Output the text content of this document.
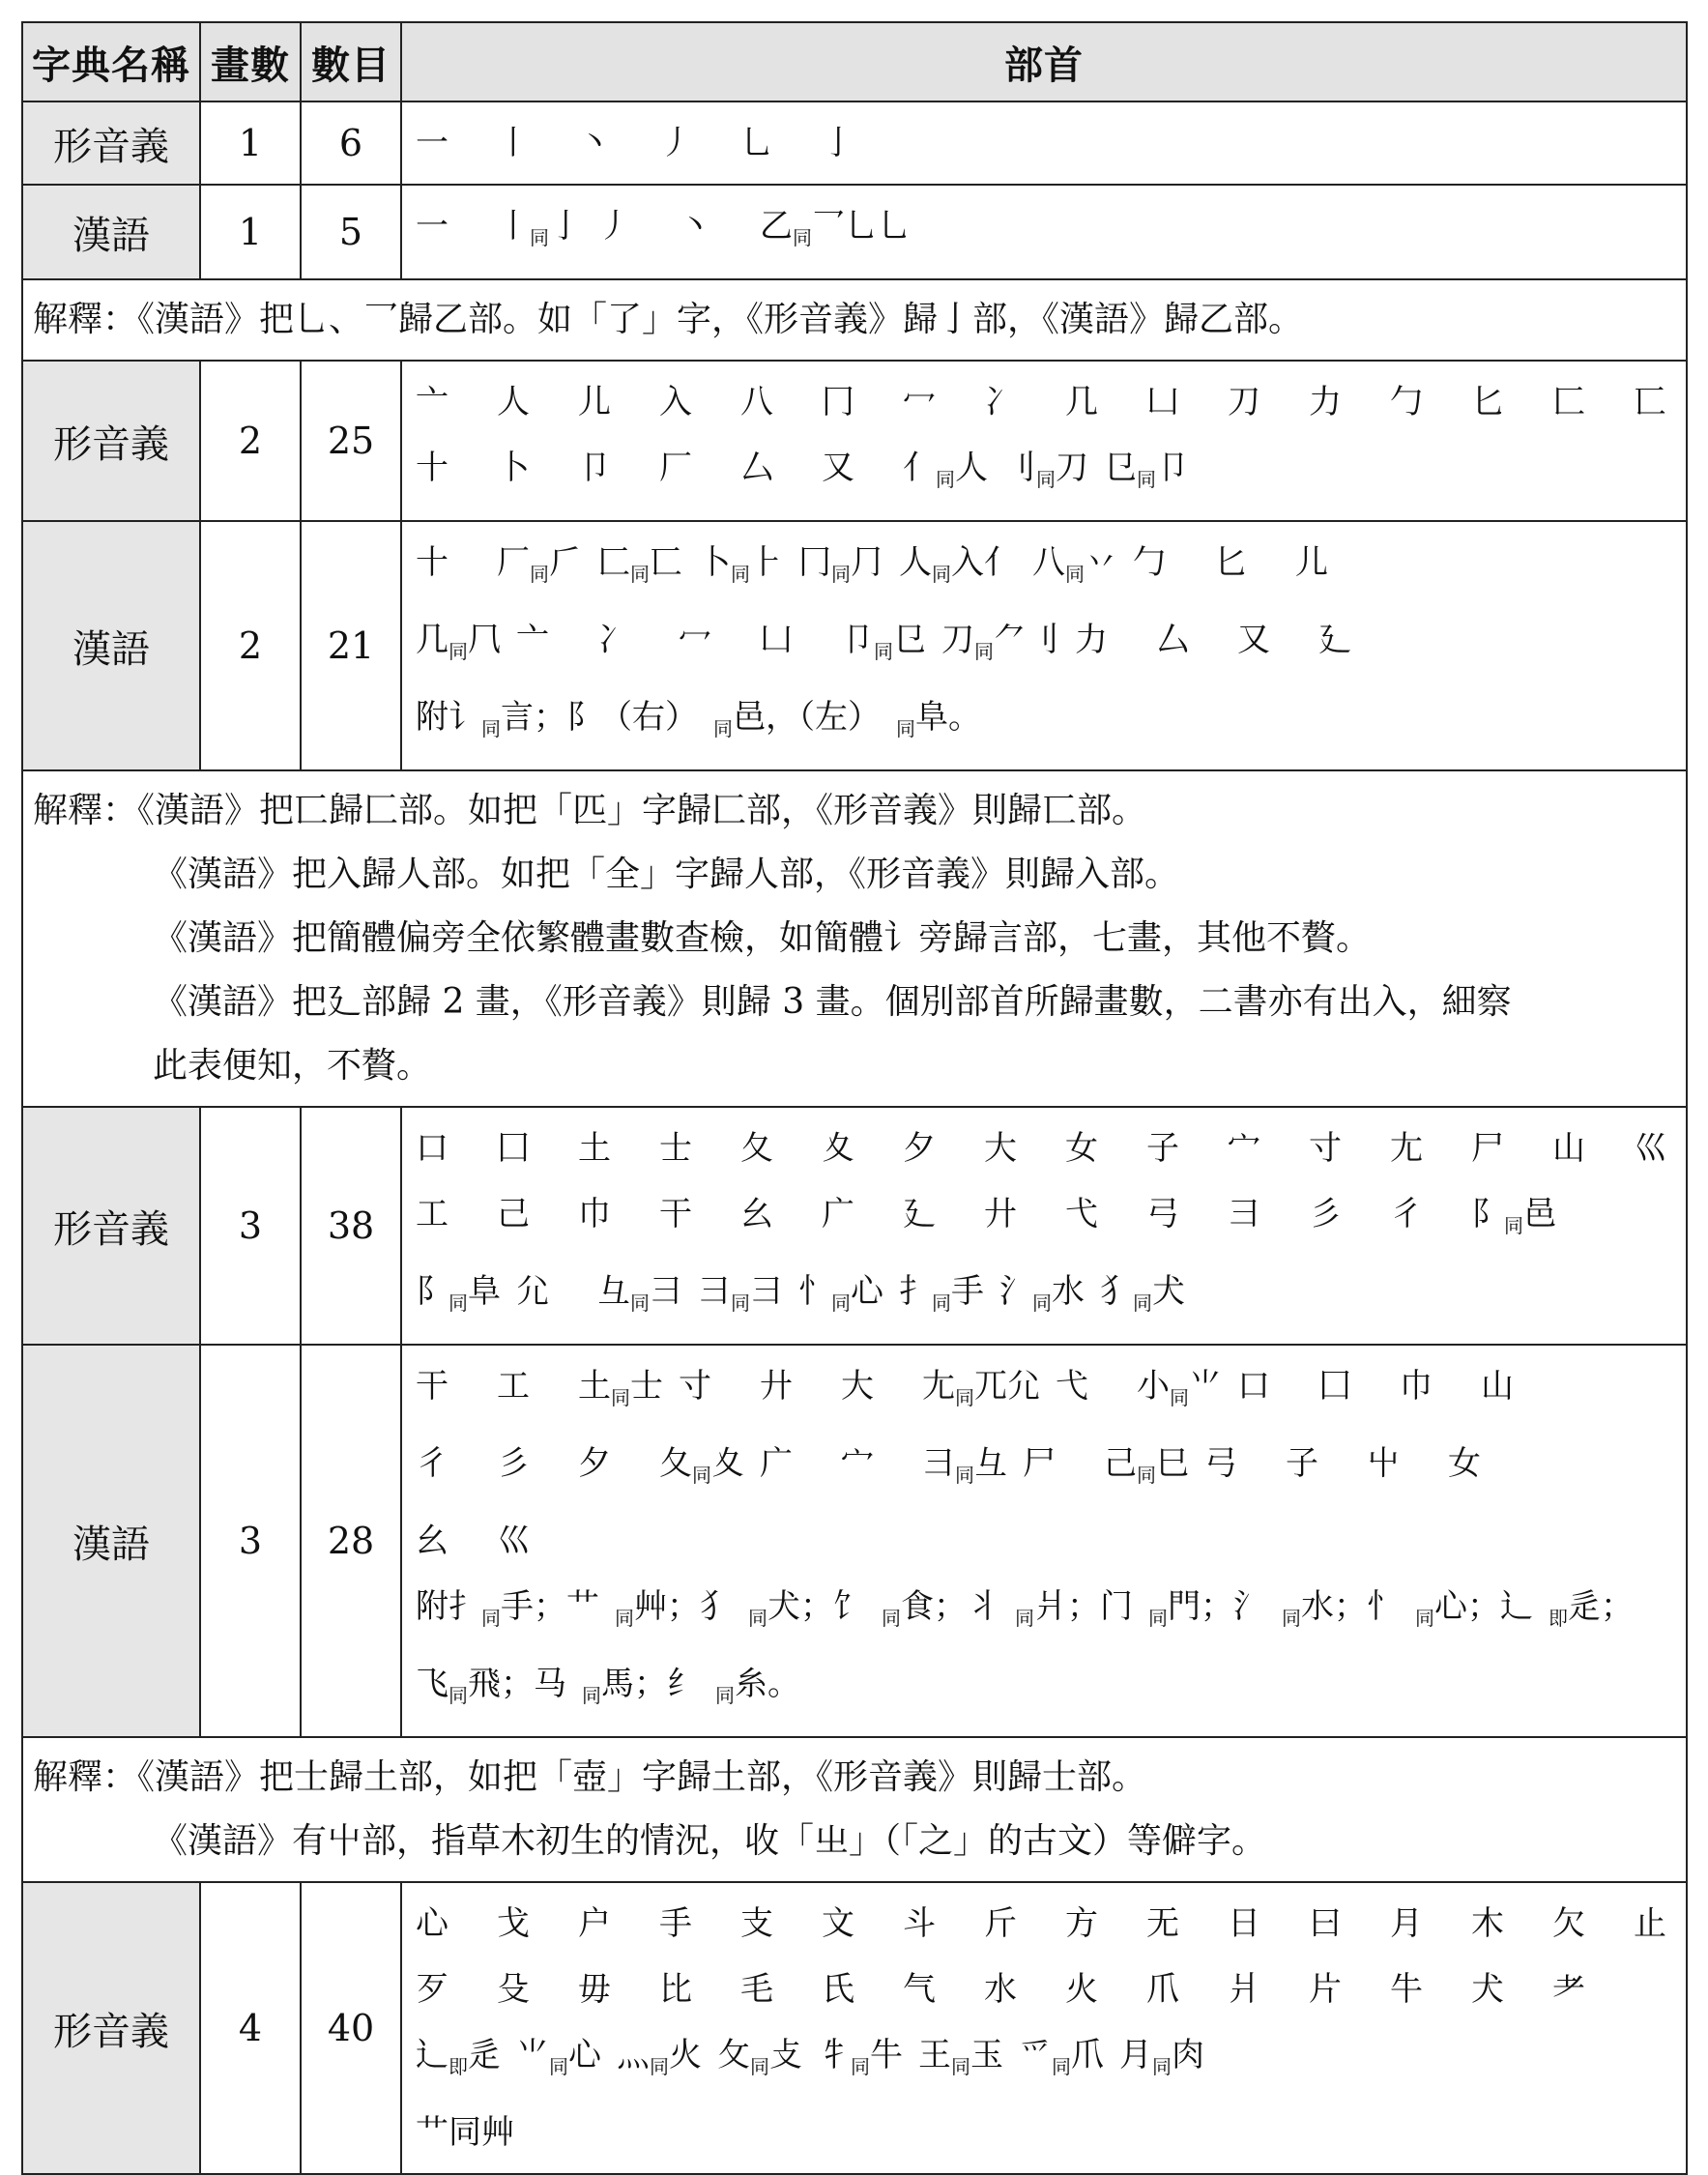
字典名稱	畫數	數目	部首
形音義	1	6	一 丨 丶 丿 乚 亅

漢語	1	5	一 丨$_同$亅 丿 丶 乙$_同$乛乚乚

解釋：《漢語》把乚、乛歸乙部。如「了」字，《形音義》歸亅部，《漢語》歸乙部。			

形音義	2	25	亠 人 儿 入 八 冂 冖 冫 几 凵 刀 力 勹 匕 匚 匸
十 卜 卩 厂 厶 又 亻$_同$人 刂$_同$刀 㔾$_同$卩

漢語	2	21	十 厂$_同$𠂆 匚$_同$匸 卜$_同$⺊ 冂$_同$⺆ 人$_同$入亻 八$_同$丷 勹 匕 儿
几$_同$⺇ 亠 冫 冖 凵 卩$_同$㔾 刀$_同$⺈刂 力 厶 又 廴
附讠$_同$言；阝（右） $_同$邑，（左） $_同$阜。

解釋：《漢語》把匸歸匚部。如把「匹」字歸匚部，《形音義》則歸匸部。
《漢語》把入歸人部。如把「全」字歸人部，《形音義》則歸入部。
《漢語》把簡體偏旁全依繁體畫數查檢，如簡體讠旁歸言部，七畫，其他不贅。
《漢語》把廴部歸 2 畫，《形音義》則歸 3 畫。個別部首所歸畫數，二書亦有出入，細察
此表便知，不贅。			

形音義	3	38	口 囗 土 士 夂 夊 夕 大 女 子 宀 寸 尢 尸 山 巛
工 己 巾 干 幺 广 廴 廾 弋 弓 彐 彡 彳 阝$_同$邑
阝$_同$阜 尣 彑$_同$彐 彐$_同$彐 忄$_同$心 扌$_同$手 氵$_同$水 犭$_同$犬

漢語	3	28	干 工 土$_同$士 寸 廾 大 尢$_同$兀尣 弋 小$_同$⺌ 口 囗 巾 山
彳 彡 夕 夂$_同$夊 广 宀 彐$_同$彑 尸 己$_同$巳 弓 子 屮 女
幺 巛
附扌$_同$手；艹 $_同$艸；犭 $_同$犬；饣 $_同$食；丬 $_同$爿；门 $_同$門；氵 $_同$水；忄 $_同$心；辶 $_即$辵；
飞$_同$飛；马 $_同$馬；纟 $_同$糸。

解釋：《漢語》把士歸土部，如把「壺」字歸土部，《形音義》則歸士部。
《漢語》有屮部，指草木初生的情況，收「㞢」（「之」的古文）等僻字。			

形音義	4	40	心 戈 户 手 支 文 斗 斤 方 无 日 曰 月 木 欠 止
歹 殳 毋 比 毛 氏 气 水 火 爪 爿 片 牛 犬 耂
辶$_即$辵 ⺌$_同$心 灬$_同$火 攵$_同$攴 牜$_同$牛 王$_同$玉 爫$_同$爪 月$_同$肉
艹同艸
